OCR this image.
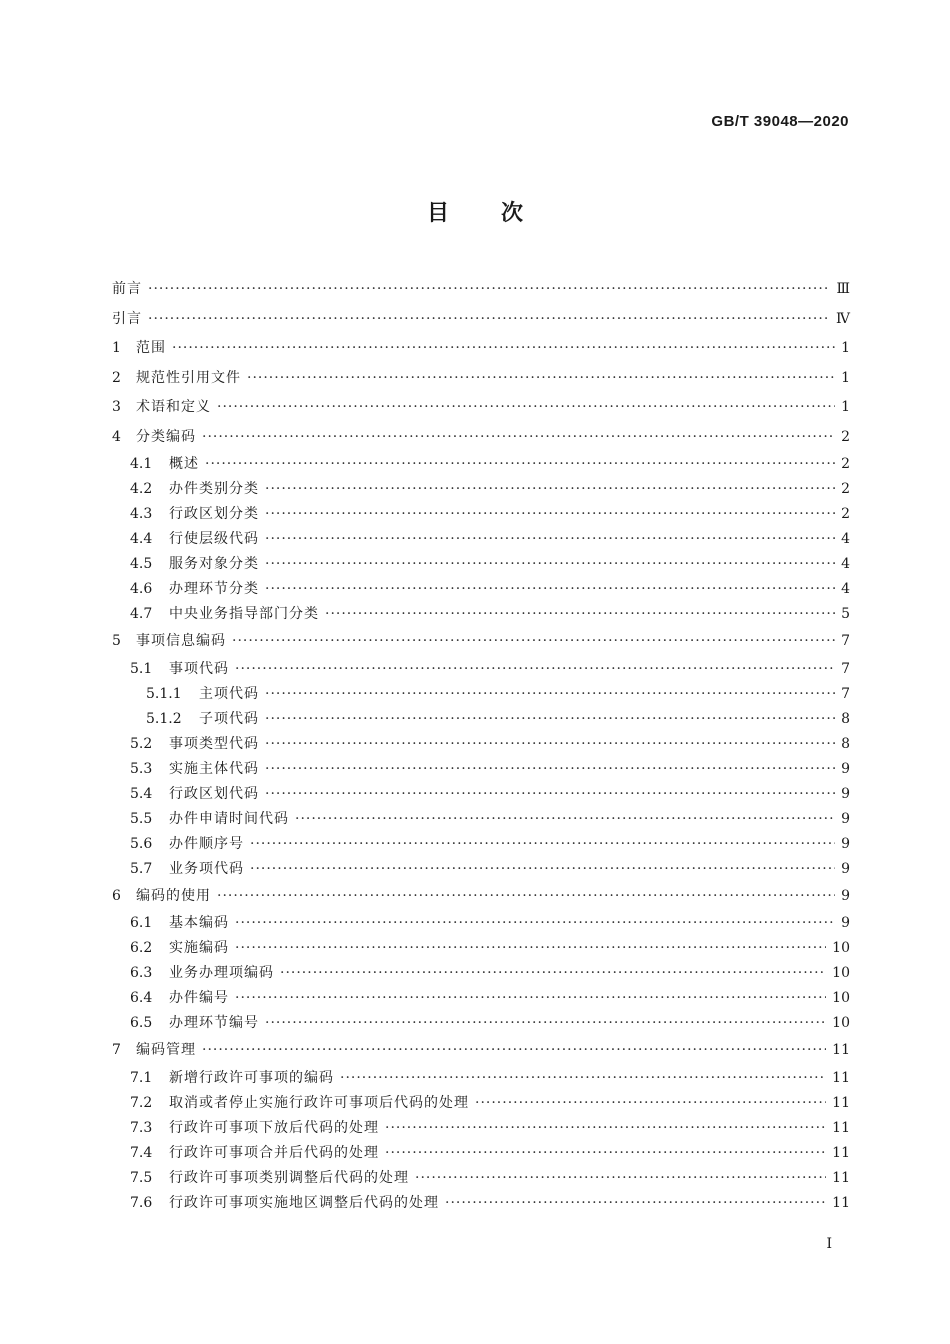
GB/T 39048—2020
目次
前言 ·····	Ⅲ
引言 ·····	Ⅳ
1	范围 ·····	1
2	规范性引用文件 ·····	1
3	术语和定义 ·····	1
4	分类编码 ·····	2
4.1	概述 ·····	2
4.2	办件类别分类 ·····	2
4.3	行政区划分类 ·····	2
4.4	行使层级代码 ·····	4
4.5	服务对象分类 ·····	4
4.6	办理环节分类 ·····	4
4.7	中央业务指导部门分类 ·····	5
5	事项信息编码 ·····	7
5.1	事项代码 ·····	7
5.1.1	主项代码 ·····	7
5.1.2	子项代码 ·····	8
5.2	事项类型代码 ·····	8
5.3	实施主体代码 ·····	9
5.4	行政区划代码 ·····	9
5.5	办件申请时间代码 ·····	9
5.6	办件顺序号 ·····	9
5.7	业务项代码 ·····	9
6	编码的使用 ·····	9
6.1	基本编码 ·····	9
6.2	实施编码 ·····	10
6.3	业务办理项编码 ·····	10
6.4	办件编号 ·····	10
6.5	办理环节编号 ·····	10
7	编码管理 ·····	11
7.1	新增行政许可事项的编码 ·····	11
7.2	取消或者停止实施行政许可事项后代码的处理 ·····	11
7.3	行政许可事项下放后代码的处理 ·····	11
7.4	行政许可事项合并后代码的处理 ·····	11
7.5	行政许可事项类别调整后代码的处理 ·····	11
7.6	行政许可事项实施地区调整后代码的处理 ·····	11
I
